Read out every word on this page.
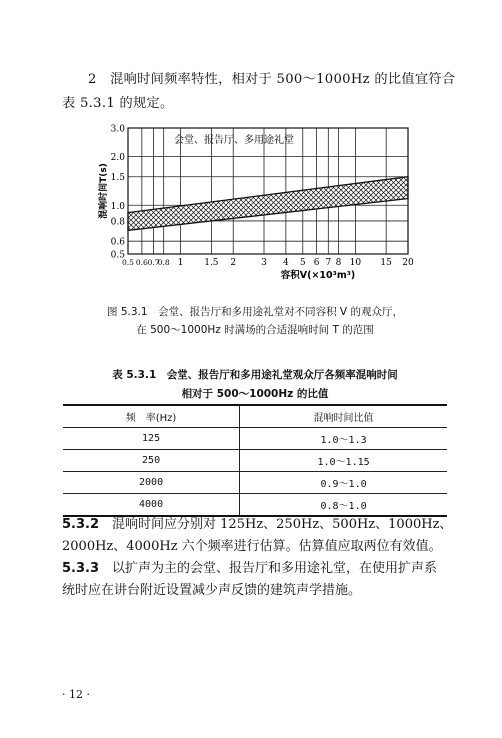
2　混响时间频率特性，相对于 500～1000Hz 的比值宜符合
表 5.3.1 的规定。
0.5
0.6
0.8
1.0
1.5
2.0
3.0
0.5 0.6 0.7
0.8 1 1.5 2	3 4 5 6 7 8 10 15 20
会堂、报告厅、多用途礼堂
容积V(×10³m³)
混响时间T(s)
图 5.3.1　会堂、报告厅和多用途礼堂对不同容积 V 的观众厅，
在 500～1000Hz 时满场的合适混响时间 T 的范围
表 5.3.1　会堂、报告厅和多用途礼堂观众厅各频率混响时间
相对于 500～1000Hz 的比值
频　率(Hz)	混响时间比值
125	1.0～1.3
250	1.0～1.15
2000	0.9～1.0
4000	0.8～1.0
5.3.2　 混响时间应分别对 125Hz、250Hz、500Hz、1000Hz、
2000Hz、4000Hz 六个频率进行估算。估算值应取两位有效值。
5.3.3　 以扩声为主的会堂、报告厅和多用途礼堂，在使用扩声系
统时应在讲台附近设置减少声反馈的建筑声学措施。
· 12 ·
